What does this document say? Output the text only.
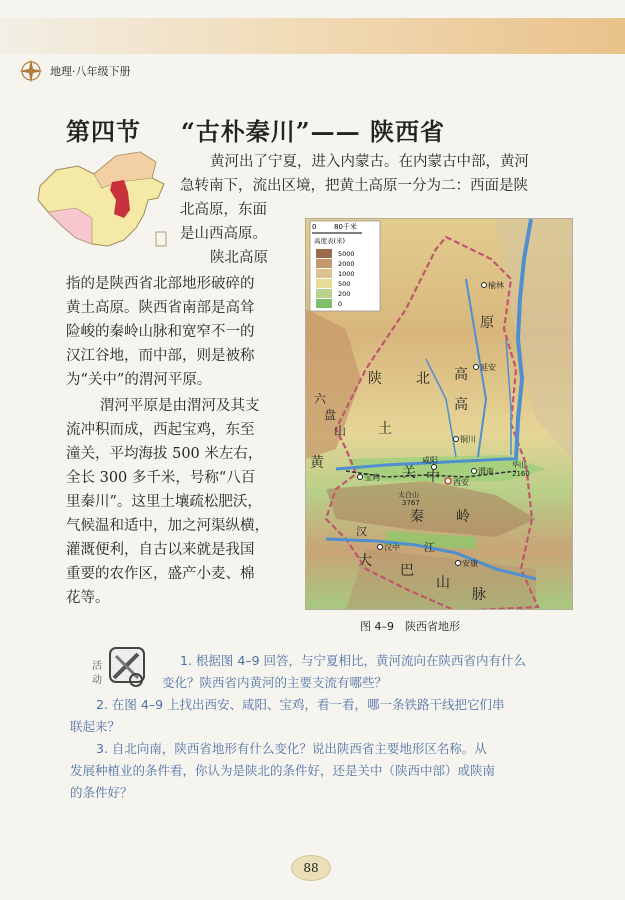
地理·八年级下册
第四节 “古朴秦川”—— 陕西省
黄河出了宁夏，进入内蒙古。在内蒙古中部，黄河
急转南下，流出区境，把黄土高原一分为二：西面是陕
北高原，东面
是山西高原。
陕北高原
指的是陕西省北部地形破碎的
黄土高原。陕西省南部是高耸
险峻的秦岭山脉和宽窄不一的
汉江谷地，而中部，则是被称
为“关中”的渭河平原。
渭河平原是由渭河及其支
流冲积而成，西起宝鸡，东至
潼关，平均海拔 500 米左右，
全长 300 多千米，号称“八百
里秦川”。这里土壤疏松肥沃，
气候温和适中，加之河渠纵横，
灌溉便利，自古以来就是我国
重要的农作区，盛产小麦、棉
花等。
0	80千米
高度表(米)
5000
2000
1000
500
200
0
榆林
延安
铜川
咸阳
渭南
宝鸡
西安
汉中
安康
华山
2160
太白山
3767
陕 北 高
原
高
土
黄
六
盘
山
关 中
秦 岭
汉
江
大
巴
山
脉
图 4–9　陕西省地形
活动
1. 根据图 4–9 回答，与宁夏相比，黄河流向在陕西省内有什么
变化？陕西省内黄河的主要支流有哪些？
2. 在图 4–9 上找出西安、咸阳、宝鸡，看一看，哪一条铁路干线把它们串
联起来？
3. 自北向南，陕西省地形有什么变化？说出陕西省主要地形区名称。从
发展种植业的条件看，你认为是陕北的条件好，还是关中（陕西中部）或陕南
的条件好？
88
